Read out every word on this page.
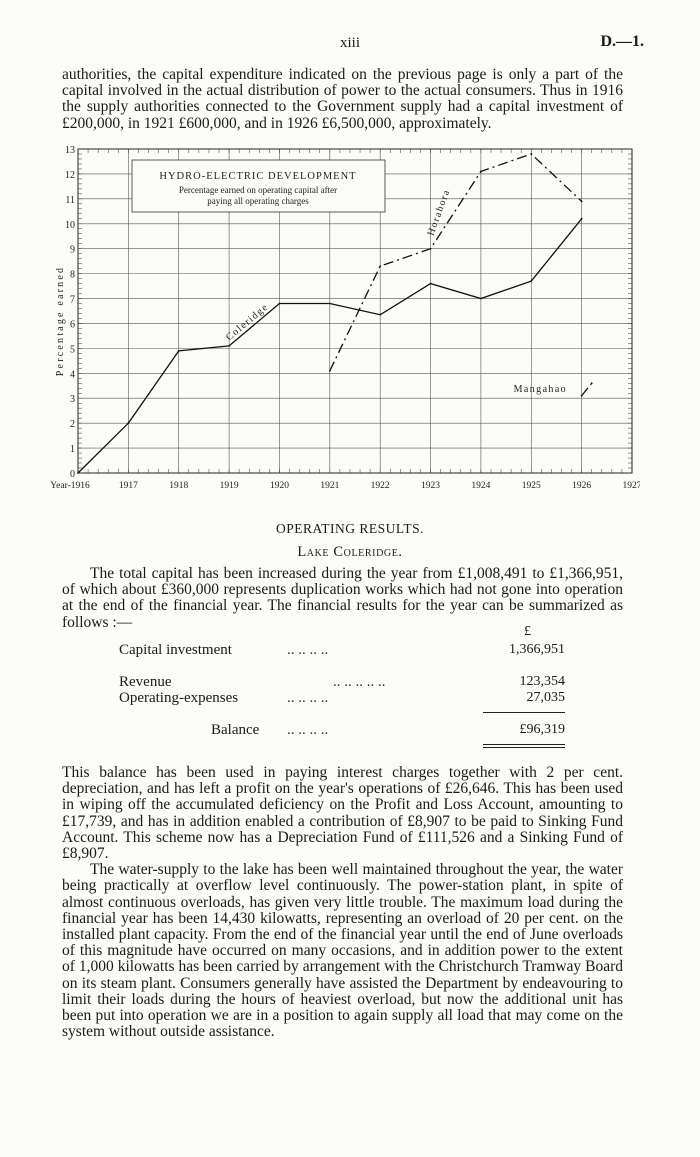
xiii	D.—1.

authorities, the capital expenditure indicated on the previous page is only a part of the capital involved in the actual distribution of power to the actual consumers. Thus in 1916 the supply authorities connected to the Government supply had a capital investment of £200,000, in 1921 £600,000, and in 1926 £6,500,000, approximately.

0
1
2
3
4
5
6
7
8
9
10
11
12
13
Year-1916	1917	1918	1919	1920	1921	1922	1923	1924	1925	1926	1927
Percentage earned
HYDRO-ELECTRIC DEVELOPMENT
Percentage earned on operating capital after
paying all operating charges
Coleridge
Horahora
Mangahao
OPERATING RESULTS.
Lake Coleridge.

The total capital has been increased during the year from £1,008,491 to £1,366,951, of which about £360,000 represents duplication works which had not gone into operation at the end of the financial year. The financial results for the year can be summarized as follows :—

£
Capital investment	.. .. .. ..	1,366,951
Revenue	.. .. .. .. ..	123,354
Operating-expenses	.. .. .. ..	27,035
Balance .. .. .. ..	£96,319

This balance has been used in paying interest charges together with 2 per cent. depreciation, and has left a profit on the year's operations of £26,646. This has been used in wiping off the accumulated deficiency on the Profit and Loss Account, amounting to £17,739, and has in addition enabled a contribution of £8,907 to be paid to Sinking Fund Account. This scheme now has a Depreciation Fund of £111,526 and a Sinking Fund of £8,907.

The water-supply to the lake has been well maintained throughout the year, the water being practically at overflow level continuously. The power-station plant, in spite of almost continuous overloads, has given very little trouble. The maximum load during the financial year has been 14,430 kilowatts, representing an overload of 20 per cent. on the installed plant capacity. From the end of the financial year until the end of June overloads of this magnitude have occurred on many occasions, and in addition power to the extent of 1,000 kilowatts has been carried by arrangement with the Christchurch Tramway Board on its steam plant. Consumers generally have assisted the Department by endeavouring to limit their loads during the hours of heaviest overload, but now the additional unit has been put into operation we are in a position to again supply all load that may come on the system without outside assistance.
